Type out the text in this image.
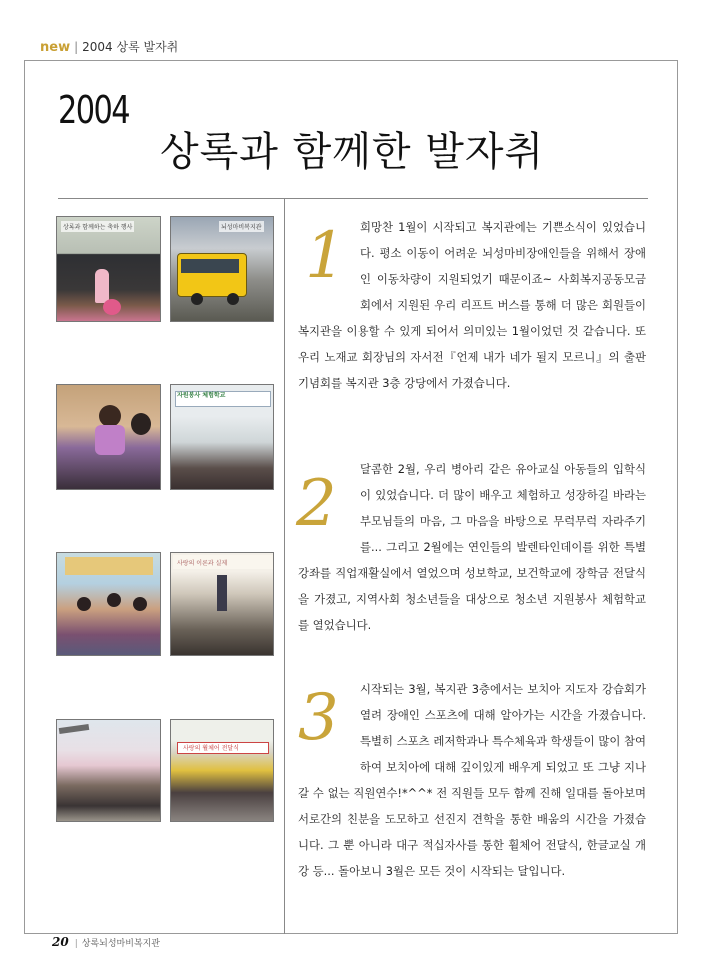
new | 2004 상록 발자취
2004
상록과 함께한 발자취
상록과 함께하는 축하 행사	뇌성마비복지관
자원봉사 체험학교
사랑의 이론과 실제
사랑의 휠체어 전달식
1
2
3
희망찬 1월이 시작되고 복지관에는 기쁜소식이 있었습니다. 평소 이동이 어려운 뇌성마비장애인들을 위해서 장애인 이동차량이 지원되었기 때문이죠~ 사회복지공동모금회에서 지원된 우리 리프트 버스를 통해 더 많은 회원들이 복지관을 이용할 수 있게 되어서 의미있는 1월이었던 것 같습니다. 또 우리 노재교 회장님의 자서전『언제 내가 네가 될지 모르니』의 출판기념회를 복지관 3층 강당에서 가졌습니다.
달콤한 2월, 우리 병아리 같은 유아교실 아동들의 입학식이 있었습니다. 더 많이 배우고 체험하고 성장하길 바라는 부모님들의 마음, 그 마음을 바탕으로 무럭무럭 자라주기를... 그리고 2월에는 연인들의 발렌타인데이를 위한 특별강좌를 직업재활실에서 열었으며 성보학교, 보건학교에 장학금 전달식을 가졌고, 지역사회 청소년들을 대상으로 청소년 지원봉사 체험학교를 열었습니다.
시작되는 3월, 복지관 3층에서는 보치아 지도자 강습회가 열려 장애인 스포츠에 대해 알아가는 시간을 가졌습니다. 특별히 스포츠 레저학과나 특수체육과 학생들이 많이 참여하여 보치아에 대해 깊이있게 배우게 되었고 또 그냥 지나갈 수 없는 직원연수!*^^* 전 직원들 모두 함께 진해 일대를 돌아보며 서로간의 친분을 도모하고 선진지 견학을 통한 배움의 시간을 가졌습니다. 그 뿐 아니라 대구 적십자사를 통한 휠체어 전달식, 한글교실 개강 등... 돌아보니 3월은 모든 것이 시작되는 달입니다.
20 | 상록뇌성마비복지관
